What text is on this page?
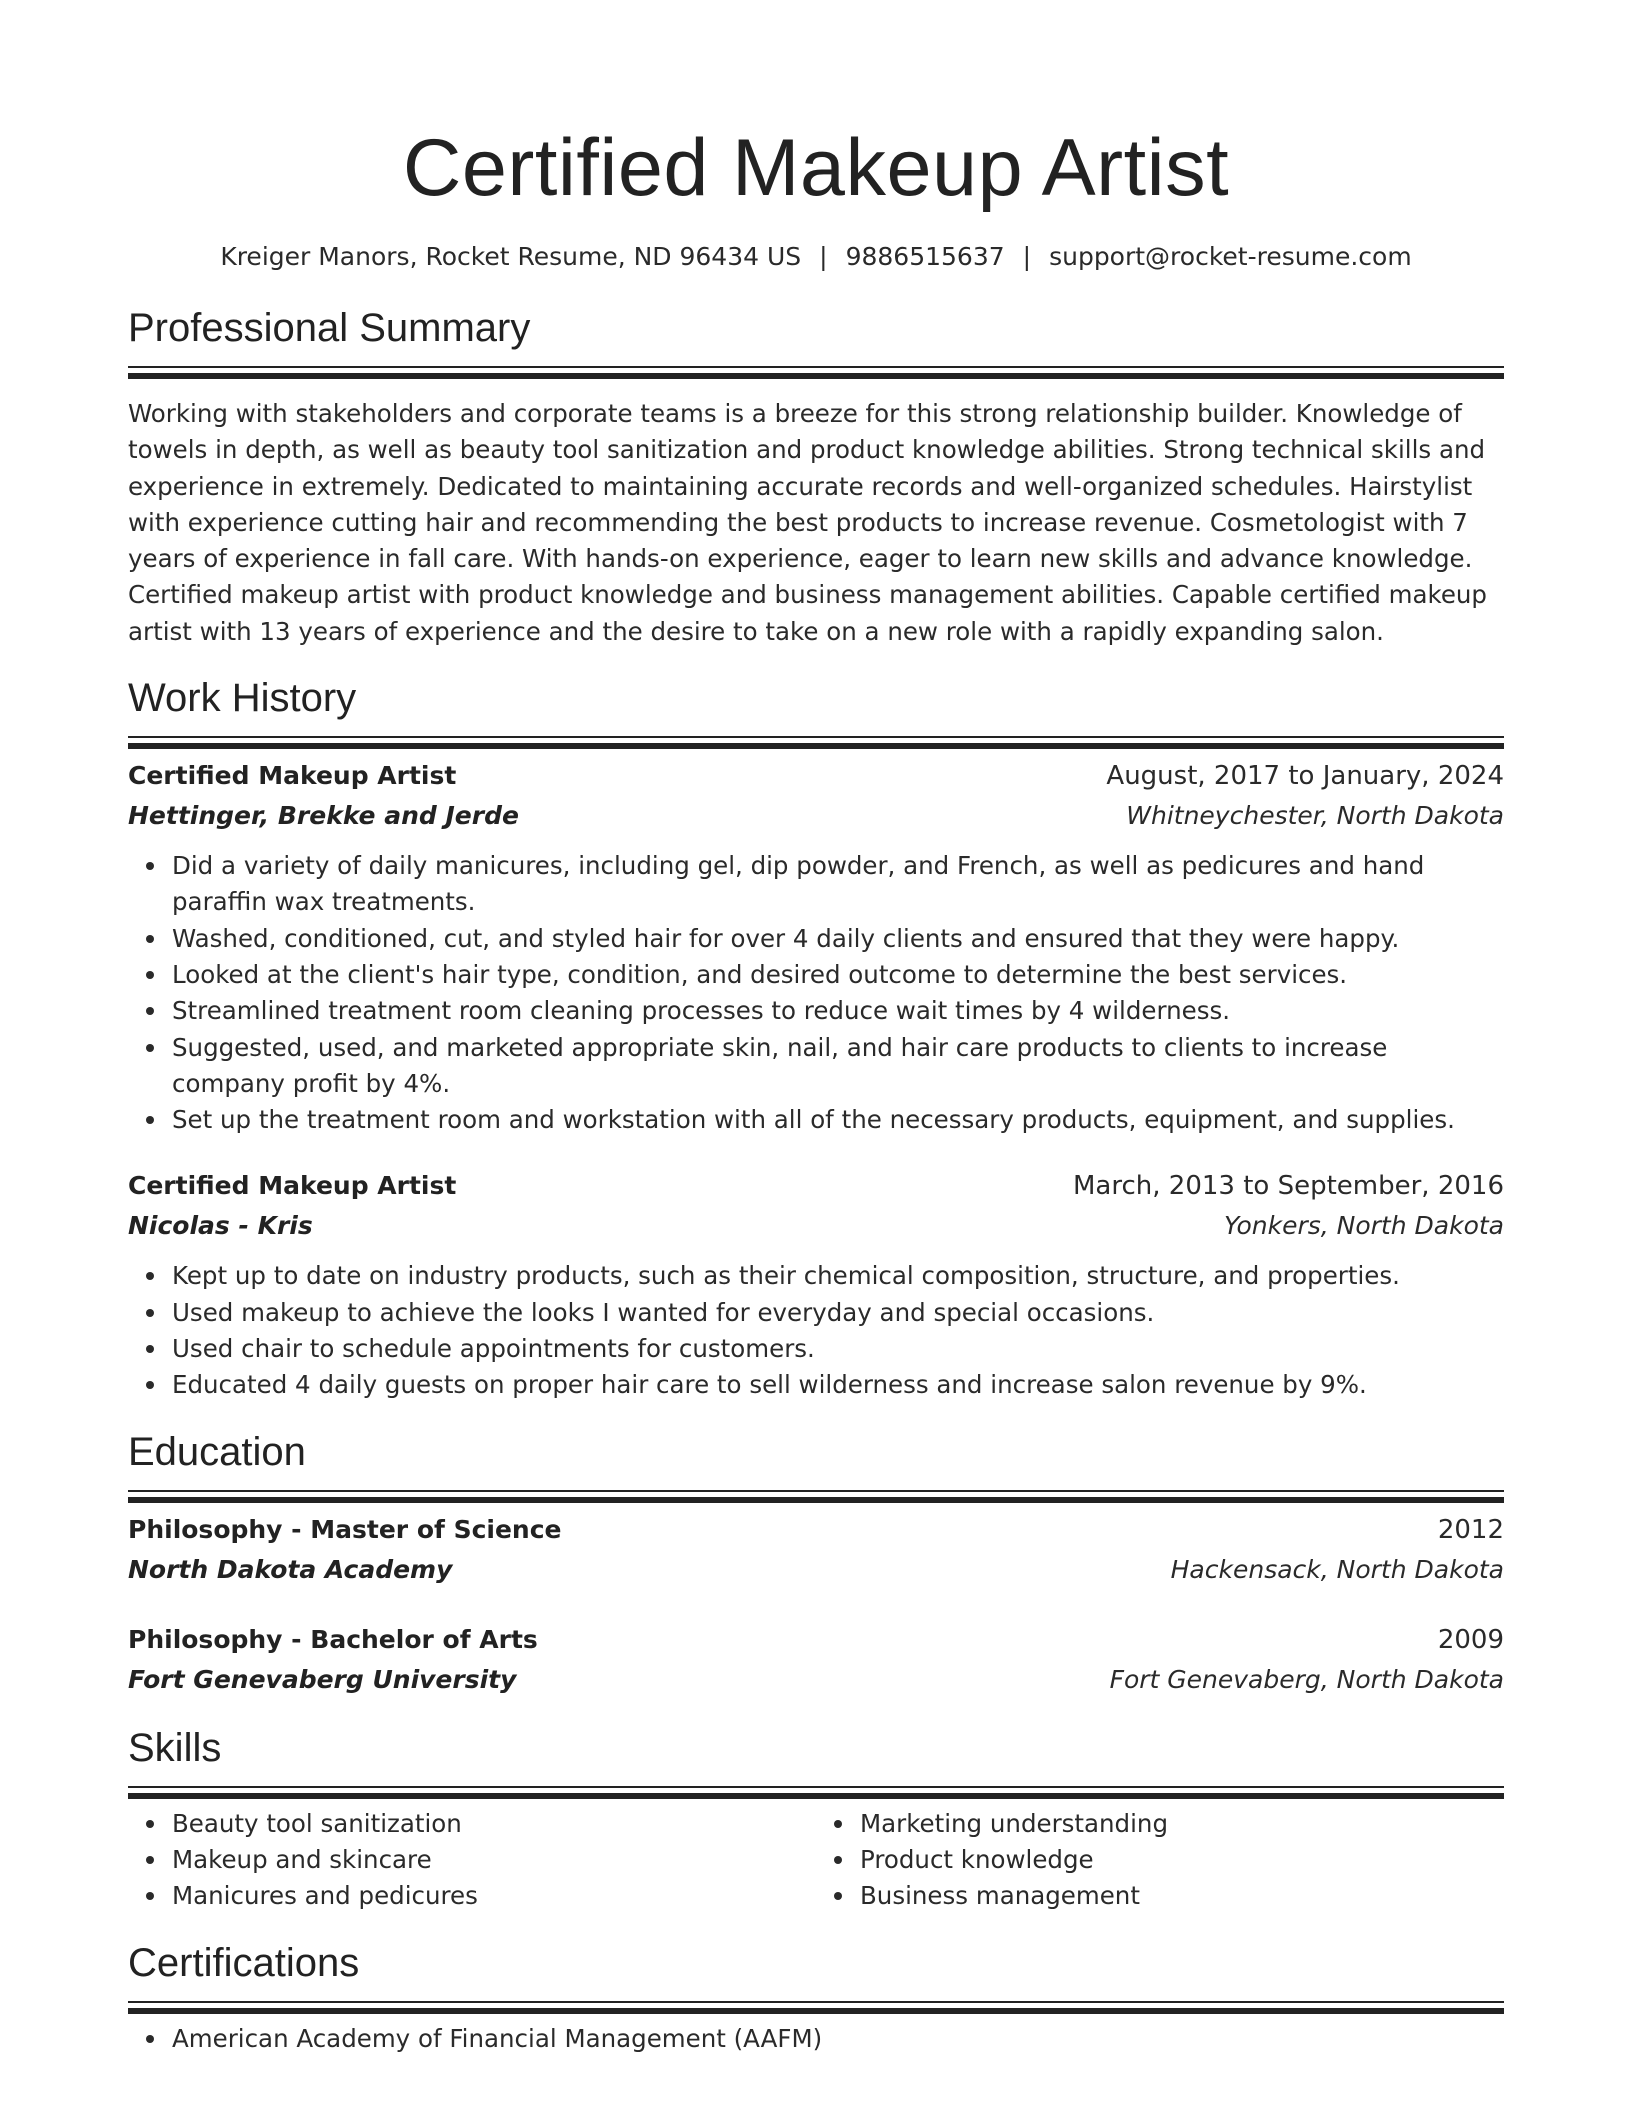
Certified Makeup Artist
Kreiger Manors, Rocket Resume, ND 96434 US | 9886515637 | support@rocket-resume.com
Professional Summary

Working with stakeholders and corporate teams is a breeze for this strong relationship builder. Knowledge of towels in depth, as well as beauty tool sanitization and product knowledge abilities. Strong technical skills and experience in extremely. Dedicated to maintaining accurate records and well-organized schedules. Hairstylist with experience cutting hair and recommending the best products to increase revenue. Cosmetologist with 7 years of experience in fall care. With hands-on experience, eager to learn new skills and advance knowledge. Certified makeup artist with product knowledge and business management abilities. Capable certified makeup artist with 13 years of experience and the desire to take on a new role with a rapidly expanding salon.

Work History
Certified Makeup Artist	August, 2017 to January, 2024
Hettinger, Brekke and Jerde	Whitneychester, North Dakota
Did a variety of daily manicures, including gel, dip powder, and French, as well as pedicures and hand paraffin wax treatments.
Washed, conditioned, cut, and styled hair for over 4 daily clients and ensured that they were happy.
Looked at the client's hair type, condition, and desired outcome to determine the best services.
Streamlined treatment room cleaning processes to reduce wait times by 4 wilderness.
Suggested, used, and marketed appropriate skin, nail, and hair care products to clients to increase company profit by 4%.
Set up the treatment room and workstation with all of the necessary products, equipment, and supplies.
Certified Makeup Artist	March, 2013 to September, 2016
Nicolas - Kris	Yonkers, North Dakota
Kept up to date on industry products, such as their chemical composition, structure, and properties.
Used makeup to achieve the looks I wanted for everyday and special occasions.
Used chair to schedule appointments for customers.
Educated 4 daily guests on proper hair care to sell wilderness and increase salon revenue by 9%.
Education
Philosophy - Master of Science	2012
North Dakota Academy	Hackensack, North Dakota
Philosophy - Bachelor of Arts	2009
Fort Genevaberg University	Fort Genevaberg, North Dakota
Skills
Beauty tool sanitization
Makeup and skincare
Manicures and pedicures
Marketing understanding
Product knowledge
Business management
Certifications
American Academy of Financial Management (AAFM)
